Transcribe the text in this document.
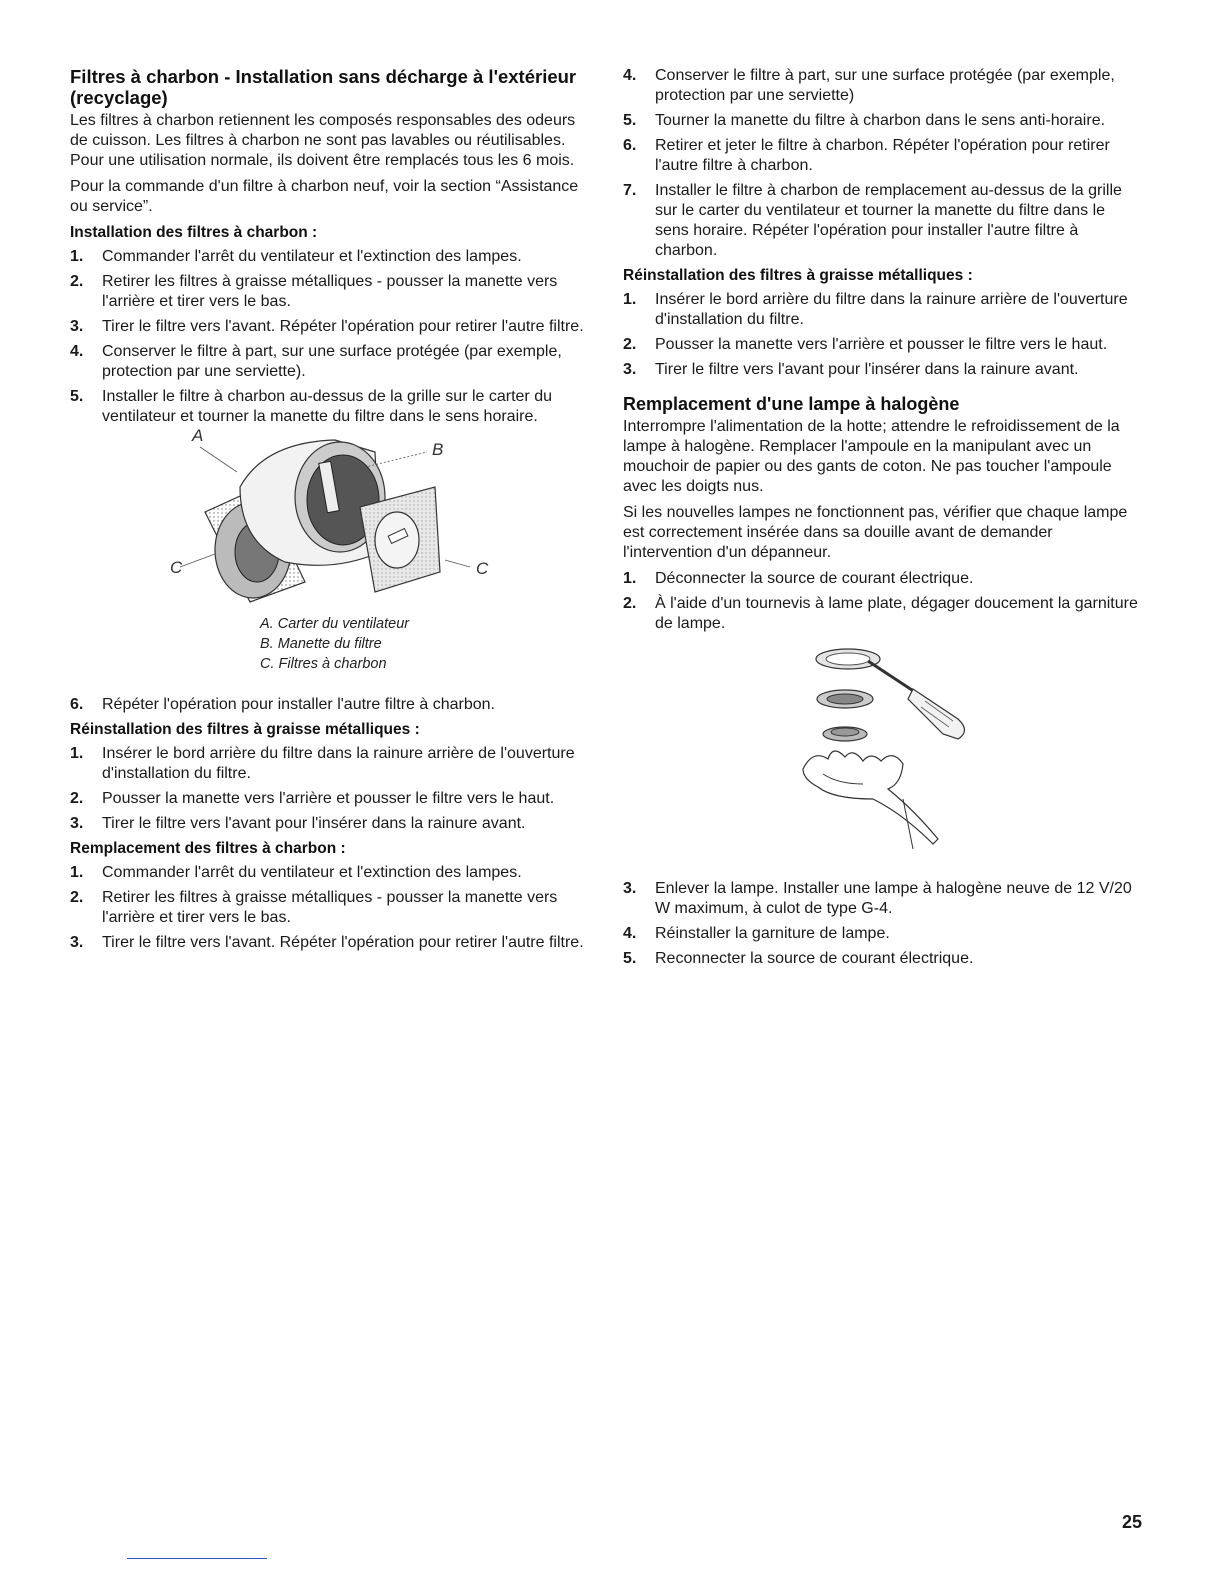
Filtres à charbon - Installation sans décharge à l'extérieur (recyclage)

Les filtres à charbon retiennent les composés responsables des odeurs de cuisson. Les filtres à charbon ne sont pas lavables ou réutilisables. Pour une utilisation normale, ils doivent être remplacés tous les 6 mois.

Pour la commande d'un filtre à charbon neuf, voir la section “Assistance ou service”.

Installation des filtres à charbon :
1. Commander l'arrêt du ventilateur et l'extinction des lampes.
2. Retirer les filtres à graisse métalliques - pousser la manette vers l'arrière et tirer vers le bas.
3. Tirer le filtre vers l'avant. Répéter l'opération pour retirer l'autre filtre.
4. Conserver le filtre à part, sur une surface protégée (par exemple, protection par une serviette).
5. Installer le filtre à charbon au-dessus de la grille sur le carter du ventilateur et tourner la manette du filtre dans le sens horaire.
A
B
C	C
A. Carter du ventilateur
B. Manette du filtre
C. Filtres à charbon
6. Répéter l'opération pour installer l'autre filtre à charbon.
Réinstallation des filtres à graisse métalliques :
1. Insérer le bord arrière du filtre dans la rainure arrière de l'ouverture d'installation du filtre.
2. Pousser la manette vers l'arrière et pousser le filtre vers le haut.
3. Tirer le filtre vers l'avant pour l'insérer dans la rainure avant.
Remplacement des filtres à charbon :
1. Commander l'arrêt du ventilateur et l'extinction des lampes.
2. Retirer les filtres à graisse métalliques - pousser la manette vers l'arrière et tirer vers le bas.
3. Tirer le filtre vers l'avant. Répéter l'opération pour retirer l'autre filtre.
4. Conserver le filtre à part, sur une surface protégée (par exemple, protection par une serviette)
5. Tourner la manette du filtre à charbon dans le sens anti-horaire.
6. Retirer et jeter le filtre à charbon. Répéter l'opération pour retirer l'autre filtre à charbon.
7. Installer le filtre à charbon de remplacement au-dessus de la grille sur le carter du ventilateur et tourner la manette du filtre dans le sens horaire. Répéter l'opération pour installer l'autre filtre à charbon.
Réinstallation des filtres à graisse métalliques :
1. Insérer le bord arrière du filtre dans la rainure arrière de l'ouverture d'installation du filtre.
2. Pousser la manette vers l'arrière et pousser le filtre vers le haut.
3. Tirer le filtre vers l'avant pour l'insérer dans la rainure avant.
Remplacement d'une lampe à halogène

Interrompre l'alimentation de la hotte; attendre le refroidissement de la lampe à halogène. Remplacer l'ampoule en la manipulant avec un mouchoir de papier ou des gants de coton. Ne pas toucher l'ampoule avec les doigts nus.

Si les nouvelles lampes ne fonctionnent pas, vérifier que chaque lampe est correctement insérée dans sa douille avant de demander l'intervention d'un dépanneur.

1. Déconnecter la source de courant électrique.
2. À l'aide d'un tournevis à lame plate, dégager doucement la garniture de lampe.
3. Enlever la lampe. Installer une lampe à halogène neuve de 12 V/20 W maximum, à culot de type G-4.
4. Réinstaller la garniture de lampe.
5. Reconnecter la source de courant électrique.
25
